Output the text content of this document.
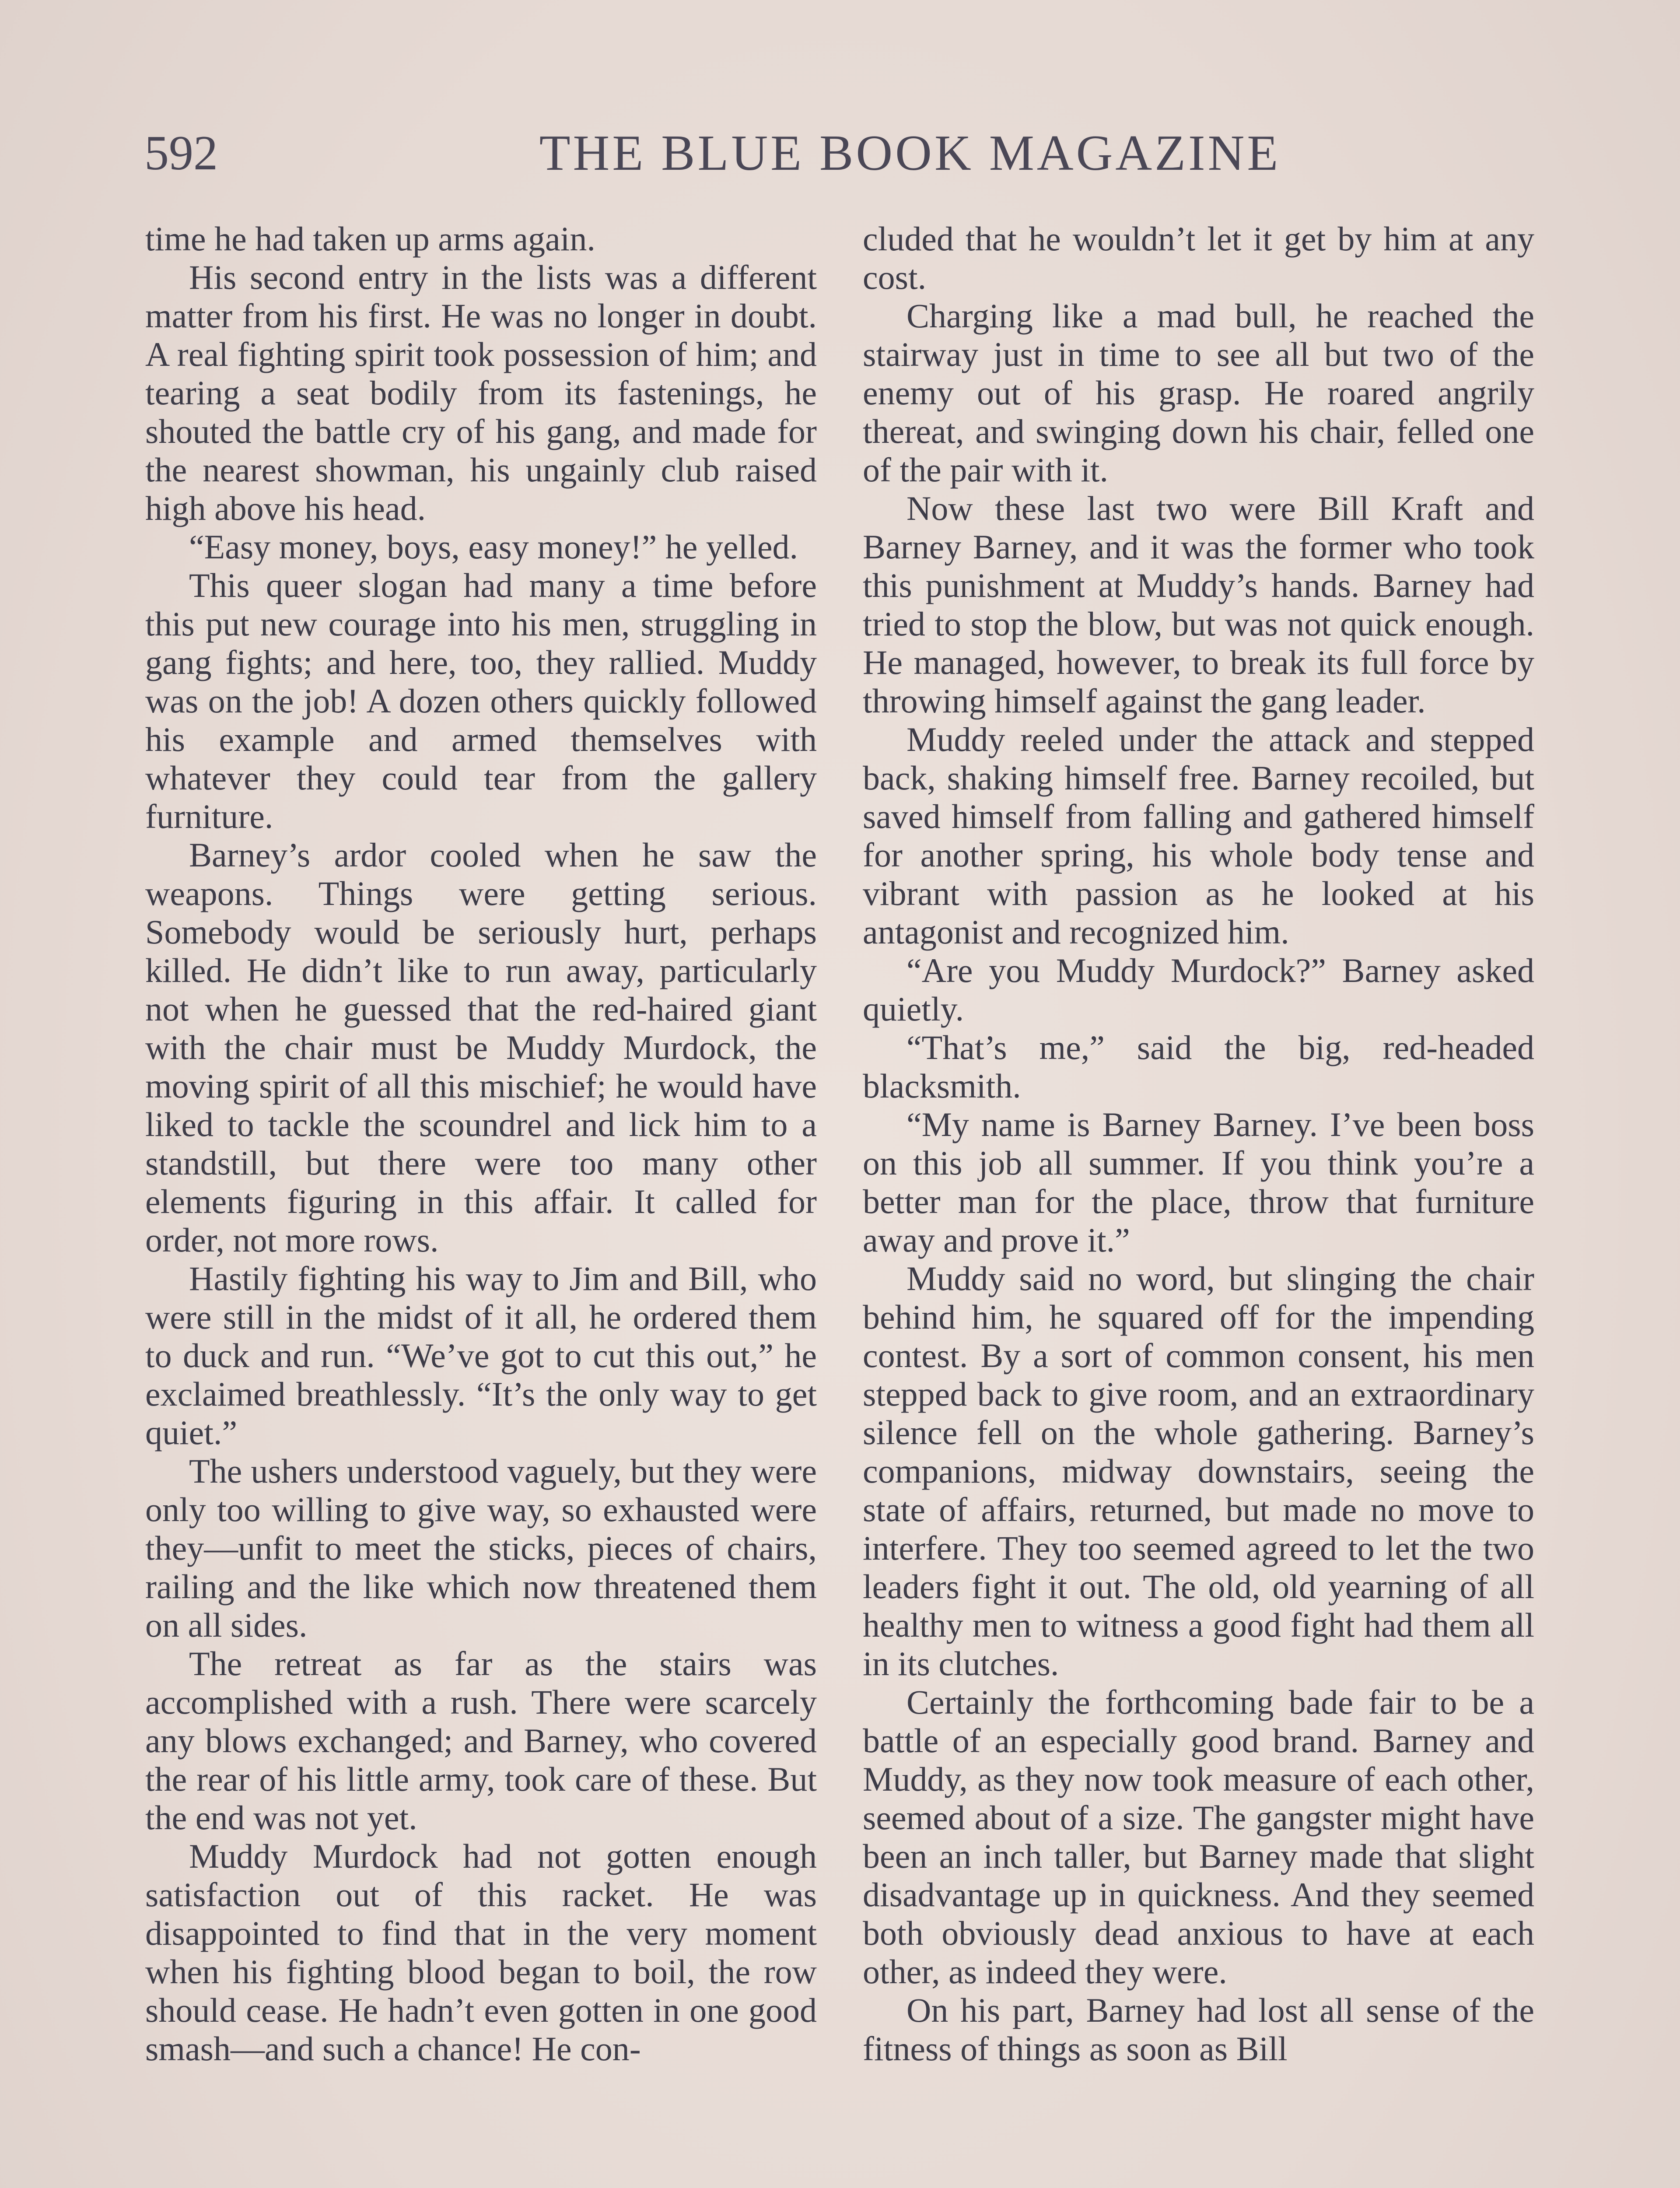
592	THE BLUE BOOK MAGAZINE

time he had taken up arms again.

His second entry in the lists was a different matter from his first. He was no longer in doubt. A real fighting spirit took possession of him; and tearing a seat bodily from its fastenings, he shouted the battle cry of his gang, and made for the nearest showman, his ungainly club raised high above his head.

“Easy money, boys, easy money!” he yelled.

This queer slogan had many a time before this put new courage into his men, struggling in gang fights; and here, too, they rallied. Muddy was on the job! A dozen others quickly followed his example and armed themselves with whatever they could tear from the gallery furniture.

Barney’s ardor cooled when he saw the weapons. Things were getting serious. Somebody would be seriously hurt, perhaps killed. He didn’t like to run away, particularly not when he guessed that the red-haired giant with the chair must be Muddy Murdock, the moving spirit of all this mischief; he would have liked to tackle the scoundrel and lick him to a standstill, but there were too many other elements figuring in this affair. It called for order, not more rows.

Hastily fighting his way to Jim and Bill, who were still in the midst of it all, he ordered them to duck and run. “We’ve got to cut this out,” he exclaimed breathlessly. “It’s the only way to get quiet.”

The ushers understood vaguely, but they were only too willing to give way, so exhausted were they—unfit to meet the sticks, pieces of chairs, railing and the like which now threatened them on all sides.

The retreat as far as the stairs was accomplished with a rush. There were scarcely any blows exchanged; and Barney, who covered the rear of his little army, took care of these. But the end was not yet.

Muddy Murdock had not gotten enough satisfaction out of this racket. He was disappointed to find that in the very moment when his fighting blood began to boil, the row should cease. He hadn’t even gotten in one good smash—and such a chance! He con-

cluded that he wouldn’t let it get by him at any cost.

Charging like a mad bull, he reached the stairway just in time to see all but two of the enemy out of his grasp. He roared angrily thereat, and swinging down his chair, felled one of the pair with it.

Now these last two were Bill Kraft and Barney Barney, and it was the former who took this punishment at Muddy’s hands. Barney had tried to stop the blow, but was not quick enough. He managed, however, to break its full force by throwing himself against the gang leader.

Muddy reeled under the attack and stepped back, shaking himself free. Barney recoiled, but saved himself from falling and gathered himself for another spring, his whole body tense and vibrant with passion as he looked at his antagonist and recognized him.

“Are you Muddy Murdock?” Barney asked quietly.

“That’s me,” said the big, red-headed blacksmith.

“My name is Barney Barney. I’ve been boss on this job all summer. If you think you’re a better man for the place, throw that furniture away and prove it.”

Muddy said no word, but slinging the chair behind him, he squared off for the impending contest. By a sort of common consent, his men stepped back to give room, and an extraordinary silence fell on the whole gathering. Barney’s companions, midway downstairs, seeing the state of affairs, returned, but made no move to interfere. They too seemed agreed to let the two leaders fight it out. The old, old yearning of all healthy men to witness a good fight had them all in its clutches.

Certainly the forthcoming bade fair to be a battle of an especially good brand. Barney and Muddy, as they now took measure of each other, seemed about of a size. The gangster might have been an inch taller, but Barney made that slight disadvantage up in quickness. And they seemed both obviously dead anxious to have at each other, as indeed they were.

On his part, Barney had lost all sense of the fitness of things as soon as Bill
